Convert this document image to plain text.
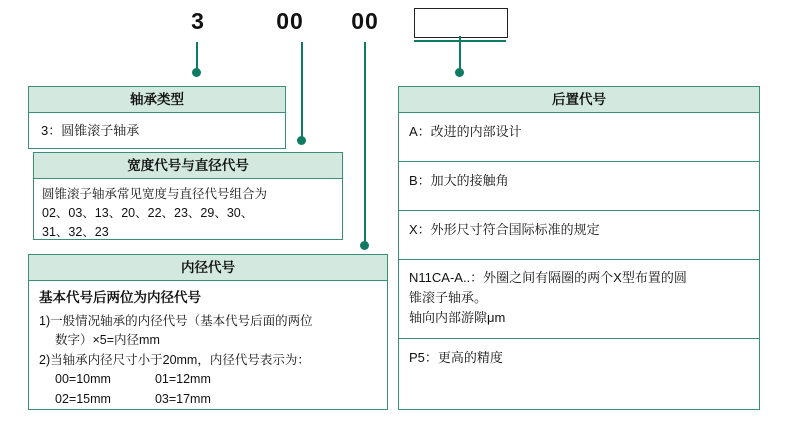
3	00	00
轴承类型
3：圆锥滚子轴承
宽度代号与直径代号
圆锥滚子轴承常见宽度与直径代号组合为
02、03、13、20、22、23、29、30、
31、32、23
内径代号
基本代号后两位为内径代号
1)一般情况轴承的内径代号（基本代号后面的两位
数字）×5=内径mm
2)当轴承内径尺寸小于20mm，内径代号表示为：
00=10mm	01=12mm
02=15mm	03=17mm
后置代号
A：改进的内部设计
B：加大的接触角
X：外形尺寸符合国际标准的规定
N11CA-A..：外圈之间有隔圈的两个X型布置的圆
锥滚子轴承。
轴向内部游隙μm
P5：更高的精度
